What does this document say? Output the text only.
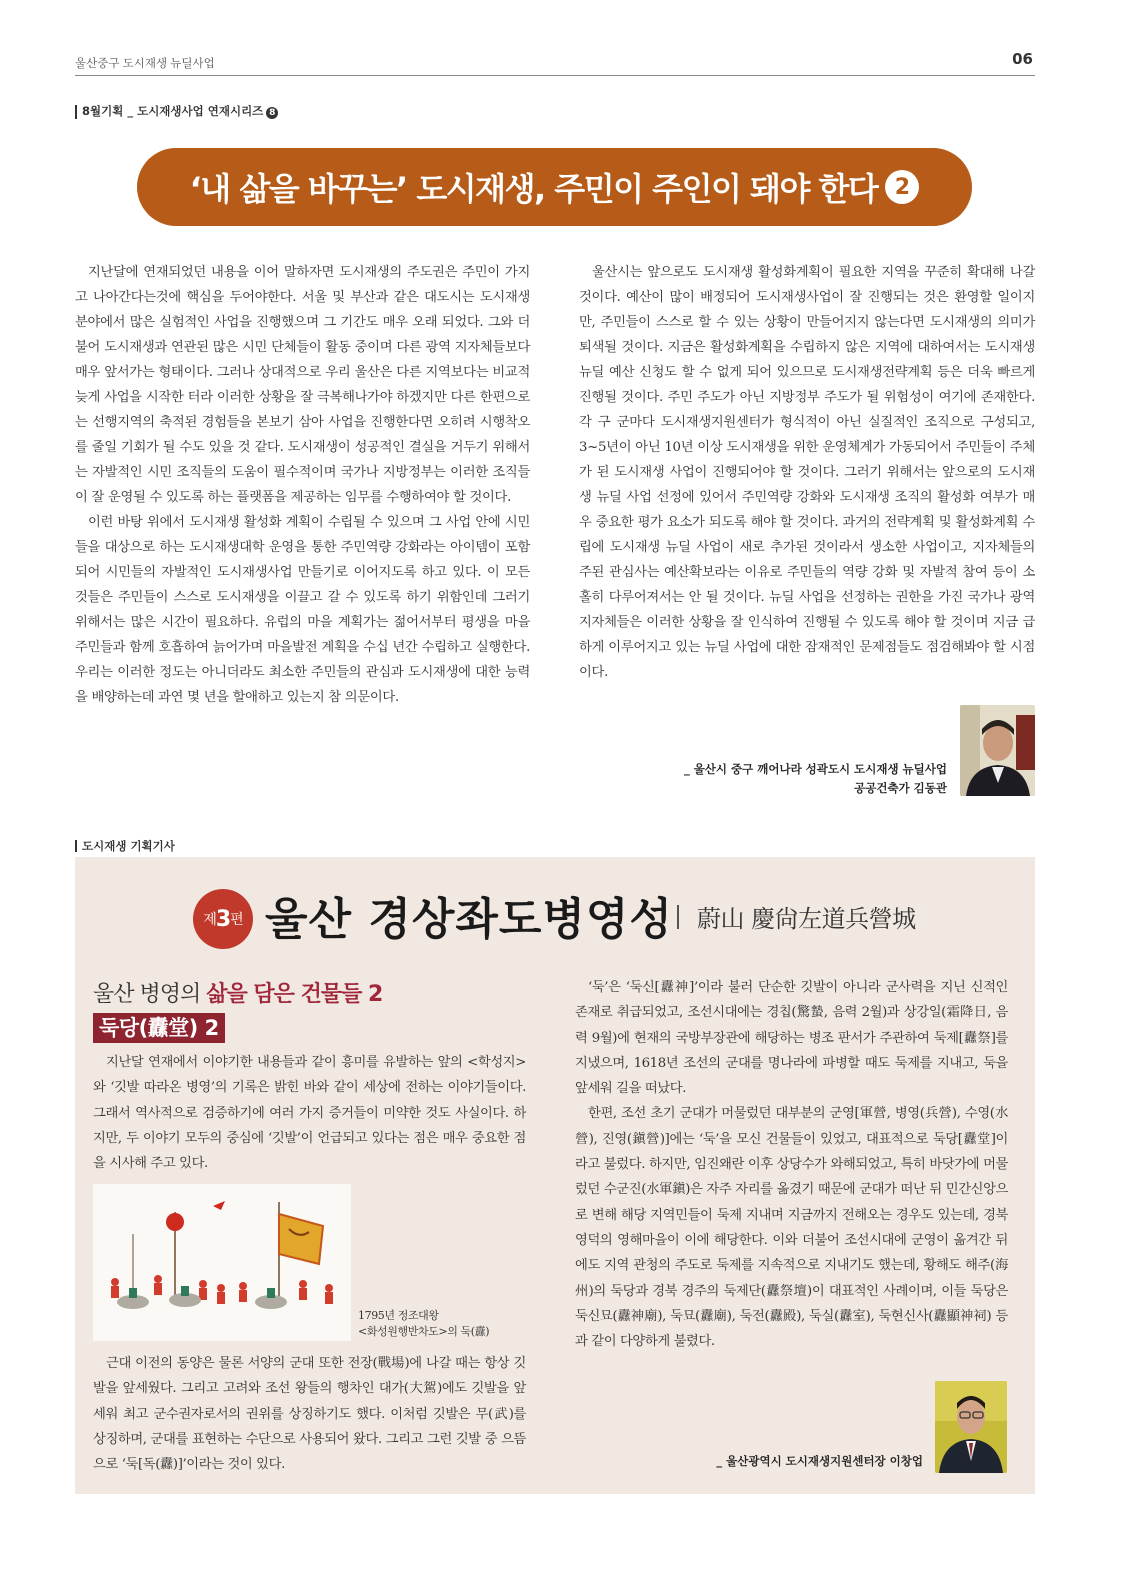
울산중구 도시재생 뉴딜사업	06
8월기획 _ 도시재생사업 연재시리즈 8
‘내 삶을 바꾸는’ 도시재생, 주민이 주인이 돼야 한다 2

지난달에 연재되었던 내용을 이어 말하자면 도시재생의 주도권은 주민이 가지고 나아간다는것에 핵심을 두어야한다. 서울 및 부산과 같은 대도시는 도시재생 분야에서 많은 실험적인 사업을 진행했으며 그 기간도 매우 오래 되었다. 그와 더불어 도시재생과 연관된 많은 시민 단체들이 활동 중이며 다른 광역 지자체들보다 매우 앞서가는 형태이다. 그러나 상대적으로 우리 울산은 다른 지역보다는 비교적 늦게 사업을 시작한 터라 이러한 상황을 잘 극복해나가야 하겠지만 다른 한편으로는 선행지역의 축적된 경험들을 본보기 삼아 사업을 진행한다면 오히려 시행착오를 줄일 기회가 될 수도 있을 것 같다. 도시재생이 성공적인 결실을 거두기 위해서는 자발적인 시민 조직들의 도움이 필수적이며 국가나 지방정부는 이러한 조직들이 잘 운영될 수 있도록 하는 플랫폼을 제공하는 임무를 수행하여야 할 것이다.

이런 바탕 위에서 도시재생 활성화 계획이 수립될 수 있으며 그 사업 안에 시민들을 대상으로 하는 도시재생대학 운영을 통한 주민역량 강화라는 아이템이 포함되어 시민들의 자발적인 도시재생사업 만들기로 이어지도록 하고 있다. 이 모든 것들은 주민들이 스스로 도시재생을 이끌고 갈 수 있도록 하기 위함인데 그러기 위해서는 많은 시간이 필요하다. 유럽의 마을 계획가는 젊어서부터 평생을 마을 주민들과 함께 호흡하여 늙어가며 마을발전 계획을 수십 년간 수립하고 실행한다. 우리는 이러한 정도는 아니더라도 최소한 주민들의 관심과 도시재생에 대한 능력을 배양하는데 과연 몇 년을 할애하고 있는지 참 의문이다.

울산시는 앞으로도 도시재생 활성화계획이 필요한 지역을 꾸준히 확대해 나갈 것이다. 예산이 많이 배정되어 도시재생사업이 잘 진행되는 것은 환영할 일이지만, 주민들이 스스로 할 수 있는 상황이 만들어지지 않는다면 도시재생의 의미가 퇴색될 것이다. 지금은 활성화계획을 수립하지 않은 지역에 대하여서는 도시재생 뉴딜 예산 신청도 할 수 없게 되어 있으므로 도시재생전략계획 등은 더욱 빠르게 진행될 것이다. 주민 주도가 아닌 지방정부 주도가 될 위험성이 여기에 존재한다. 각 구 군마다 도시재생지원센터가 형식적이 아닌 실질적인 조직으로 구성되고, 3~5년이 아닌 10년 이상 도시재생을 위한 운영체계가 가동되어서 주민들이 주체가 된 도시재생 사업이 진행되어야 할 것이다. 그러기 위해서는 앞으로의 도시재생 뉴딜 사업 선정에 있어서 주민역량 강화와 도시재생 조직의 활성화 여부가 매우 중요한 평가 요소가 되도록 해야 할 것이다. 과거의 전략계획 및 활성화계획 수립에 도시재생 뉴딜 사업이 새로 추가된 것이라서 생소한 사업이고, 지자체들의 주된 관심사는 예산확보라는 이유로 주민들의 역량 강화 및 자발적 참여 등이 소홀히 다루어져서는 안 될 것이다. 뉴딜 사업을 선정하는 권한을 가진 국가나 광역 지자체들은 이러한 상황을 잘 인식하여 진행될 수 있도록 해야 할 것이며 지금 급하게 이루어지고 있는 뉴딜 사업에 대한 잠재적인 문제점들도 점검해봐야 할 시점이다.

_ 울산시 중구 깨어나라 성곽도시 도시재생 뉴딜사업
공공건축가 김동관
도시재생 기획기사
제 3 편 울산 경상좌도병영성 蔚山 慶尙左道兵營城
울산 병영의 삶을 담은 건물들 2
둑당(纛堂) 2

지난달 연재에서 이야기한 내용들과 같이 흥미를 유발하는 앞의 <학성지>와 ‘깃발 따라온 병영’의 기록은 밝힌 바와 같이 세상에 전하는 이야기들이다. 그래서 역사적으로 검증하기에 여러 가지 증거들이 미약한 것도 사실이다. 하지만, 두 이야기 모두의 중심에 ‘깃발’이 언급되고 있다는 점은 매우 중요한 점을 시사해 주고 있다.

1795년 정조대왕
<화성원행반차도>의 둑(纛)

근대 이전의 동양은 물론 서양의 군대 또한 전장(戰場)에 나갈 때는 항상 깃발을 앞세웠다. 그리고 고려와 조선 왕들의 행차인 대가(大駕)에도 깃발을 앞세워 최고 군수권자로서의 권위를 상징하기도 했다. 이처럼 깃발은 무(武)를 상징하며, 군대를 표현하는 수단으로 사용되어 왔다. 그리고 그런 깃발 중 으뜸으로 ‘둑[독(纛)]’이라는 것이 있다.

‘둑’은 ‘둑신[纛神]’이라 불러 단순한 깃발이 아니라 군사력을 지닌 신적인 존재로 취급되었고, 조선시대에는 경칩(驚蟄, 음력 2월)과 상강일(霜降日, 음력 9월)에 현재의 국방부장관에 해당하는 병조 판서가 주관하여 둑제[纛祭]를 지냈으며, 1618년 조선의 군대를 명나라에 파병할 때도 둑제를 지내고, 둑을 앞세워 길을 떠났다.

한편, 조선 초기 군대가 머물렀던 대부분의 군영[軍營, 병영(兵營), 수영(水營), 진영(鎭營)]에는 ‘둑’을 모신 건물들이 있었고, 대표적으로 둑당[纛堂]이라고 불렀다. 하지만, 임진왜란 이후 상당수가 와해되었고, 특히 바닷가에 머물렀던 수군진(水軍鎭)은 자주 자리를 옮겼기 때문에 군대가 떠난 뒤 민간신앙으로 변해 해당 지역민들이 둑제 지내며 지금까지 전해오는 경우도 있는데, 경북 영덕의 영해마을이 이에 해당한다. 이와 더불어 조선시대에 군영이 옮겨간 뒤에도 지역 관청의 주도로 둑제를 지속적으로 지내기도 했는데, 황해도 해주(海州)의 둑당과 경북 경주의 둑제단(纛祭壇)이 대표적인 사례이며, 이들 둑당은 둑신묘(纛神廟), 둑묘(纛廟), 둑전(纛殿), 둑실(纛室), 둑현신사(纛顯神祠) 등과 같이 다양하게 불렸다.

_ 울산광역시 도시재생지원센터장 이창업
